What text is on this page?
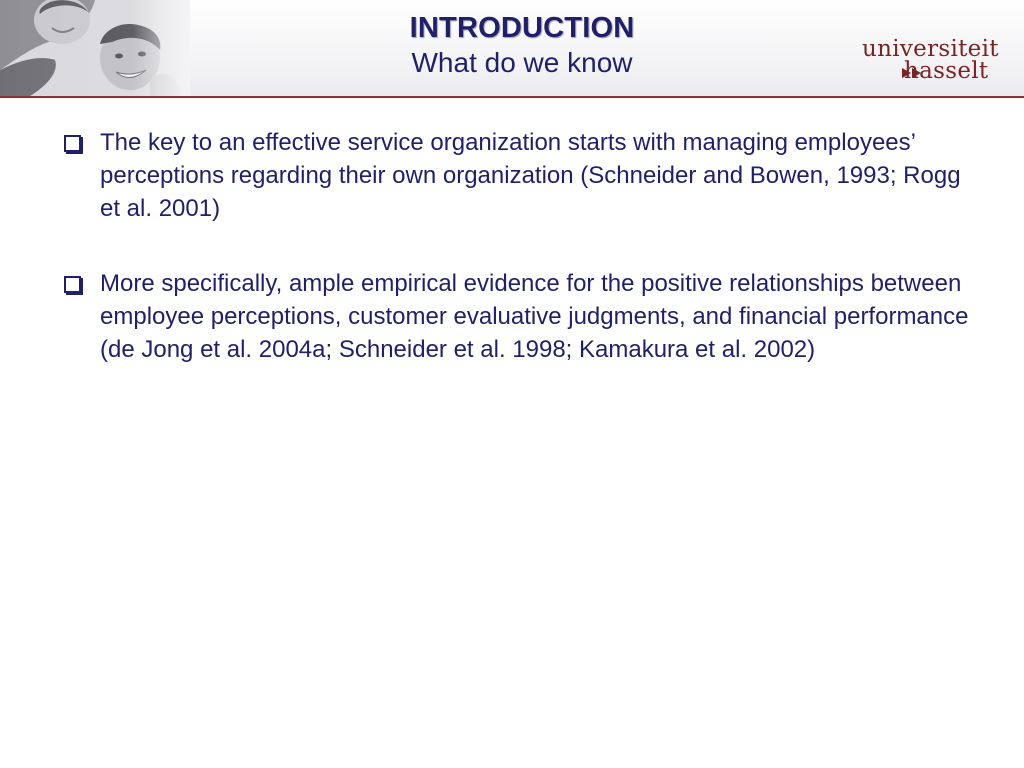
INTRODUCTION
What do we know	universiteit
hasselt
The key to an effective service organization starts with managing employees’ perceptions regarding their own organization (Schneider and Bowen, 1993; Rogg et al. 2001)
More specifically, ample empirical evidence for the positive relationships between employee perceptions, customer evaluative judgments, and financial performance (de Jong et al. 2004a; Schneider et al. 1998; Kamakura et al. 2002)
